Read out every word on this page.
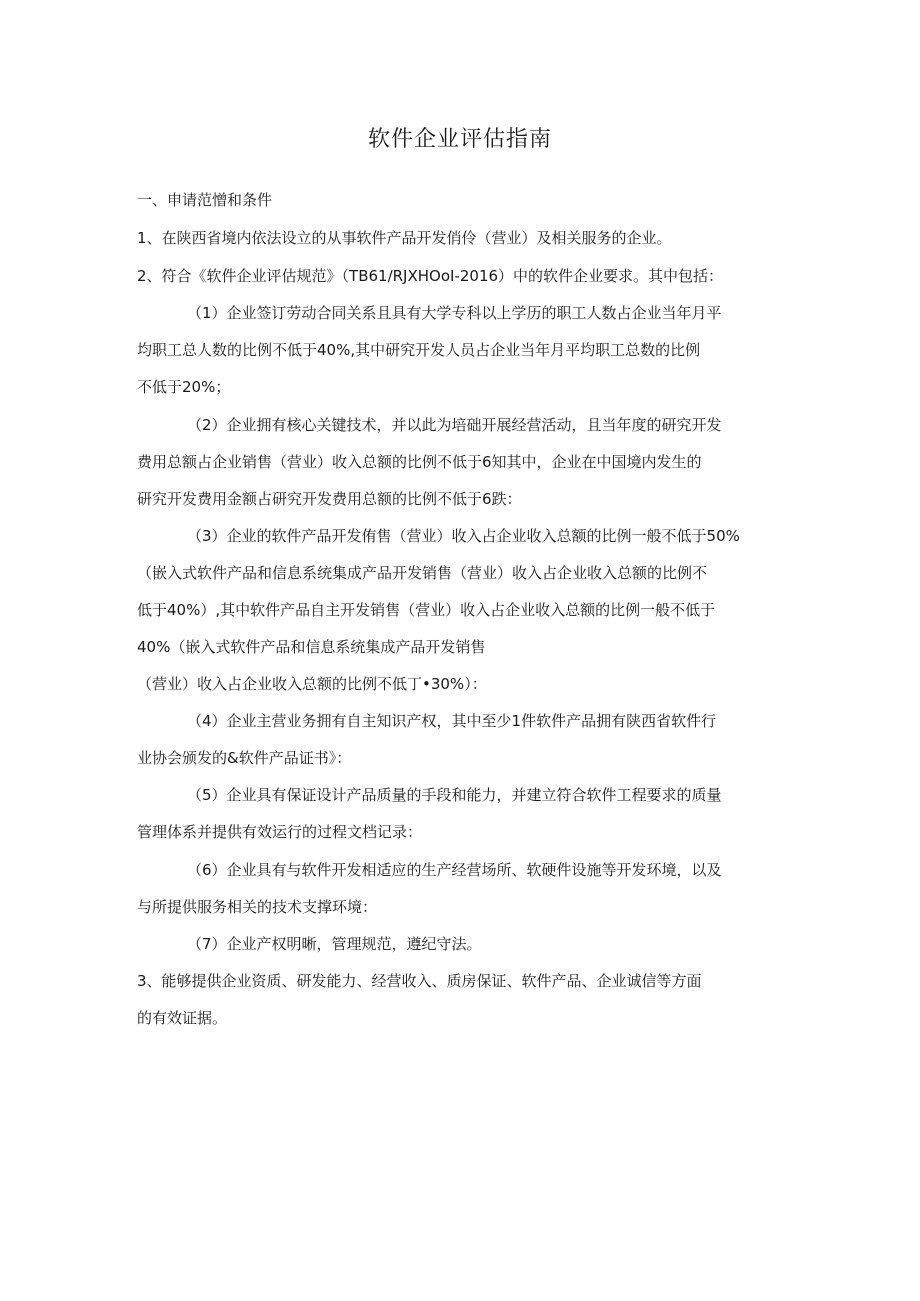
软件企业评估指南
一、申请范憎和条件
1、在陕西省境内依法设立的从事软件产品开发俏伶（营业）及相关服务的企业。
2、符合《软件企业评估规范》（TB61∕RJXHOoI-2016）中的软件企业要求。其中包括：
（1）企业签订劳动合同关系且具有大学专科以上学历的职工人数占企业当年月平
均职工总人数的比例不低于40%,其中研究开发人员占企业当年月平均职工总数的比例
不低于20%；
（2）企业拥有核心关键技术，并以此为培础开展经营活动，且当年度的研究开发
费用总额占企业销售（营业）收入总额的比例不低于6知其中，企业在中国境内发生的
研究开发费用金额占研究开发费用总额的比例不低于6跌：
（3）企业的软件产品开发侑售（营业）收入占企业收入总额的比例一般不低于50%
（嵌入式软件产品和信息系统集成产品开发销售（营业）收入占企业收入总额的比例不
低于40%）,其中软件产品自主开发销售（营业）收入占企业收入总额的比例一般不低于
40%（嵌入式软件产品和信息系统集成产品开发销售
（营业）收入占企业收入总额的比例不低丁•30%）：
（4）企业主营业务拥有自主知识产权，其中至少1件软件产品拥有陕西省软件行
业协会颁发的&软件产品证书》：
（5）企业具有保证设计产品质量的手段和能力，并建立符合软件工程要求的质量
管理体系并提供有效运行的过程文档记录：
（6）企业具有与软件开发相适应的生产经营场所、软硬件设施等开发环境，以及
与所提供服务相关的技术支撑环境：
（7）企业产权明晰，管理规范，遵纪守法。
3、能够提供企业资质、研发能力、经营收入、质房保证、软件产品、企业诚信等方面
的有效证据。
